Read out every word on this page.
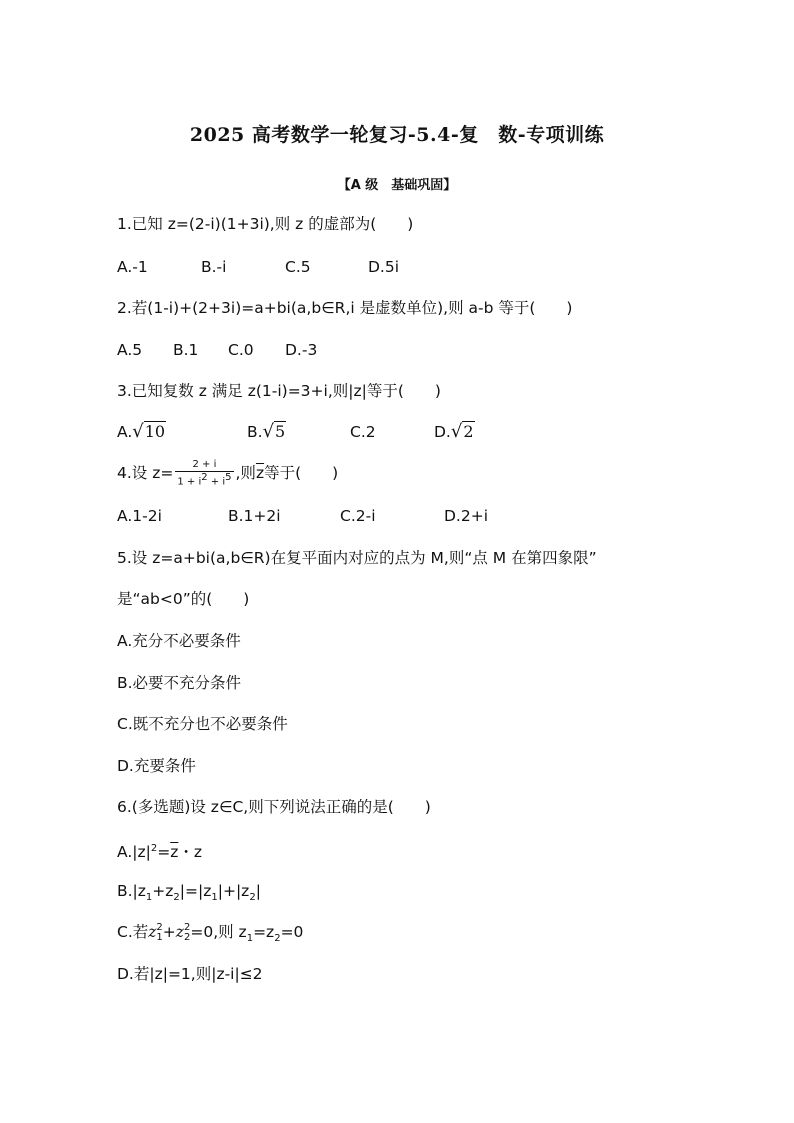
2025 高考数学一轮复习-5.4-复　数-专项训练
【A 级　基础巩固】
1.已知 z=(2-i)(1+3i),则 z 的虚部为(　　)
A.-1	B.-i	C.5	D.5i
2.若(1-i)+(2+3i)=a+bi(a,b∈R,i 是虚数单位),则 a-b 等于(　　)
A.5 B.1 C.0 D.-3
3.已知复数 z 满足 z(1-i)=3+i,则|z|等于(　　)
A.√10	B.√5	C.2	D.√2
4.设 $z= \frac{2 + i}{1 + i^2 + i^5}$ ,则$\overline{z}$等于(　　)
A.1-2i	B.1+2i	C.2-i	D.2+i
5.设 z=a+bi(a,b∈R)在复平面内对应的点为 M,则“点 M 在第四象限”
是“ab<0”的(　　)
A.充分不必要条件
B.必要不充分条件
C.既不充分也不必要条件
D.充要条件
6.(多选题)设 z∈C,则下列说法正确的是(　　)
$A.|z|^2=\overline{z}$・z
$B.|z_1+z_2|=|z_1|+|z_2|$
C.若z 2
1 +z 2
2 =0,则 $z_1=z_2=0$
D.若|z|=1,则|z-i|≤2
